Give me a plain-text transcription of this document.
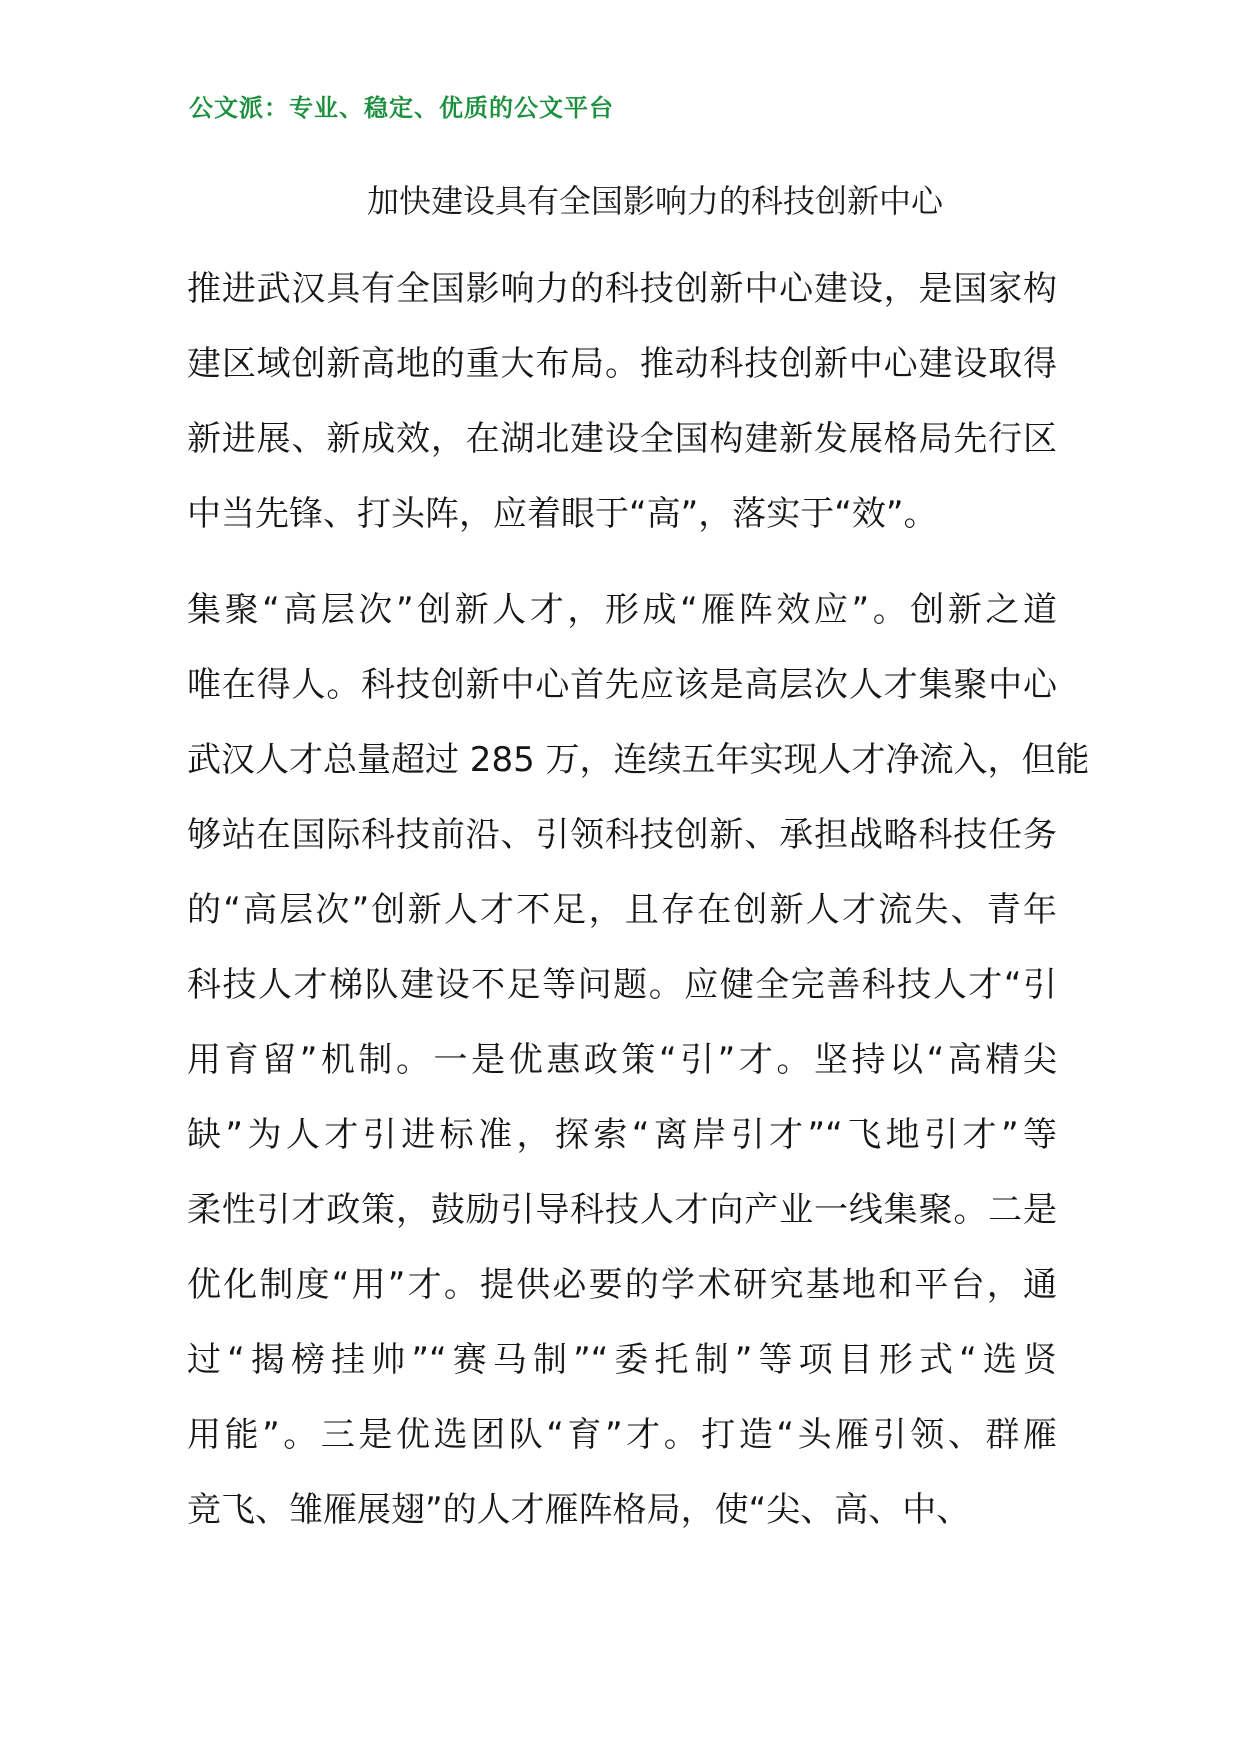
公文派：专业、稳定、优质的公文平台
加快建设具有全国影响力的科技创新中心
推进武汉具有全国影响力的科技创新中心建设，是国家构
建区域创新高地的重大布局。推动科技创新中心建设取得
新进展、新成效，在湖北建设全国构建新发展格局先行区
中当先锋、打头阵，应着眼于“高”，落实于“效”。
集聚“高层次”创新人才，形成“雁阵效应”。创新之道
唯在得人。科技创新中心首先应该是高层次人才集聚中心
武汉人才总量超过 285 万，连续五年实现人才净流入，但能
够站在国际科技前沿、引领科技创新、承担战略科技任务
的“高层次”创新人才不足，且存在创新人才流失、青年
科技人才梯队建设不足等问题。应健全完善科技人才“引
用育留”机制。一是优惠政策“引”才。坚持以“高精尖
缺”为人才引进标准，探索“离岸引才”“飞地引才”等
柔性引才政策，鼓励引导科技人才向产业一线集聚。二是
优化制度“用”才。提供必要的学术研究基地和平台，通
过“揭榜挂帅”“赛马制”“委托制”等项目形式“选贤
用能”。三是优选团队“育”才。打造“头雁引领、群雁
竞飞、雏雁展翅”的人才雁阵格局，使“尖、高、中、
